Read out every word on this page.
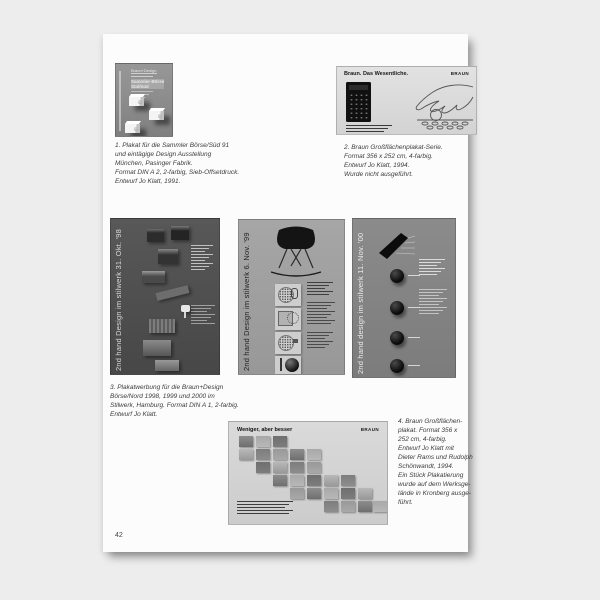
Braun+Design
Sammler-Börse
Süd/süd
1. Plakat für die Sammler Börse/Süd 91
und eintägige Design Ausstellung
München, Pasinger Fabrik.
Format DIN A 2, 2-farbig, Sieb-Offsetdruck.
Entwurf Jo Klatt, 1991.
Braun. Das Wesentliche.	BRAUN
2. Braun Großflächenplakat-Serie.
Format 356 x 252 cm, 4-farbig.
Entwurf Jo Klatt, 1994.
Wurde nicht ausgeführt.
2nd hand Design im stilwerk 31. Okt. '98	2nd hand Design im stilwerk 6. Nov. '99	2nd hand design im stilwerk 11. Nov. '00
3. Plakatwerbung für die Braun+Design
Börse/Nord 1998, 1999 und 2000 im
Stilwerk, Hamburg. Format DIN A 1, 2-farbig.
Entwurf Jo Klatt.
Weniger, aber besser	BRAUN
4. Braun Großflächen-
plakat. Format 356 x
252 cm, 4-farbig.
Entwurf Jo Klatt mit
Dieter Rams und Rudolph
Schönwandt, 1994.
Ein Stück Plakatierung
wurde auf dem Werksge-
lände in Kronberg ausge-
führt.
42
